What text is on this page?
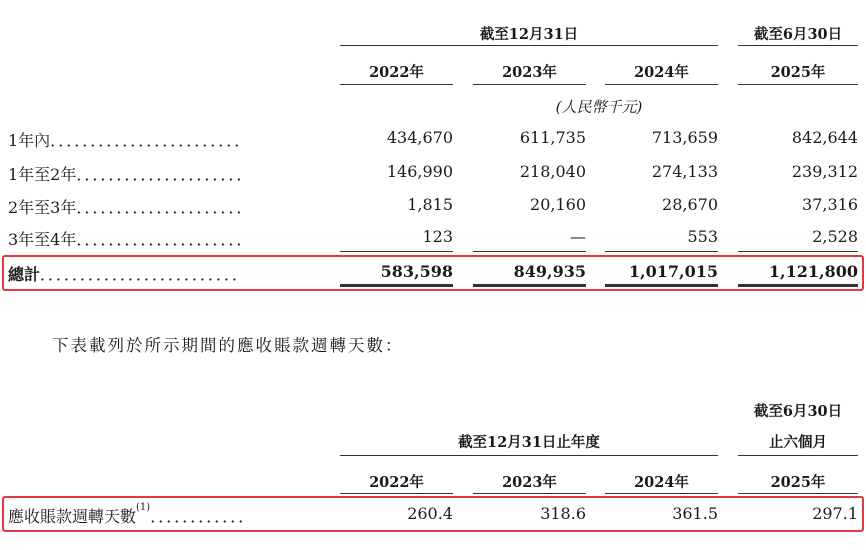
截至12月31日	截至6月30日
2022年	2023年	2024年	2025年
(人民幣千元)
1年內．．．．．．．．．．．．．．．．．．．．．．．．	434,670	611,735	713,659	842,644
1年至2年．．．．．．．．．．．．．．．．．．．．．	146,990	218,040	274,133	239,312
2年至3年．．．．．．．．．．．．．．．．．．．．．	1,815	20,160	28,670	37,316
3年至4年．．．．．．．．．．．．．．．．．．．．．	123	—	553	2,528
總計．．．．．．．．．．．．．．．．．．．．．．．．．	583,598	849,935	1,017,015	1,121,800
下表載列於所示期間的應收賬款週轉天數：
截至6月30日
截至12月31日止年度	止六個月
2022年	2023年	2024年	2025年
應收賬款週轉天數$^{(1)}$．．．．．．．．．．．．	260.4	318.6	361.5	297.1
